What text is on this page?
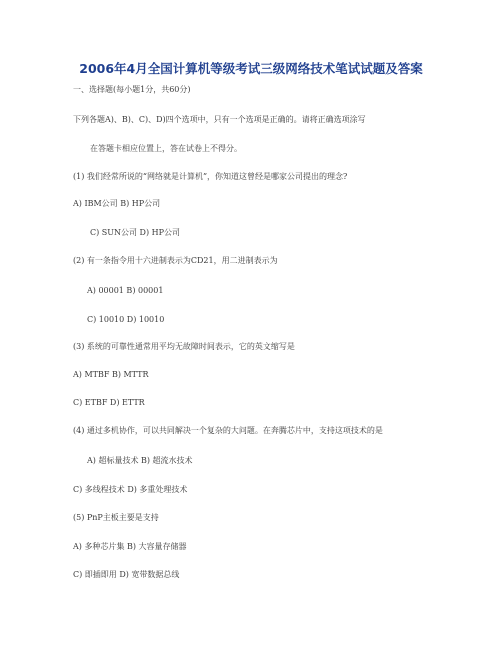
2006年4月全国计算机等级考试三级网络技术笔试试题及答案
一、选择题(每小题1分，共60分)
下列各题A)、B)、C)、D)四个选项中，只有一个选项是正确的。请将正确选项涂写
在答题卡相应位置上，答在试卷上不得分。
(1) 我们经常所说的“网络就是计算机”，你知道这曾经是哪家公司提出的理念?
A) IBM公司 B) HP公司
C) SUN公司 D) HP公司
(2) 有一条指令用十六进制表示为CD21，用二进制表示为
A) 00001 B) 00001
C) 10010 D) 10010
(3) 系统的可靠性通常用平均无故障时间表示，它的英文缩写是
A) MTBF B) MTTR
C) ETBF D) ETTR
(4) 通过多机协作，可以共同解决一个复杂的大问题。在奔腾芯片中，支持这项技术的是
A) 超标量技术 B) 超流水技术
C) 多线程技术 D) 多重处理技术
(5) PnP主板主要是支持
A) 多种芯片集 B) 大容量存储器
C) 即插即用 D) 宽带数据总线
